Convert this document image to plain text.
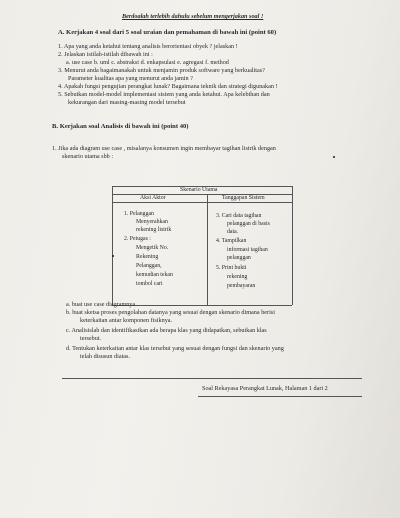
Berdoalah terlebih dahulu sebelum mengerjakan soal !
A. Kerjakan 4 soal dari 5 soal uraian dan pemahaman di bawah ini (point 60)
1. Apa yang anda ketahui tentang analisis berorientasi obyek ? jelaskan !
2. Jelaskan istilah-istilah dibawah ini :
a. use case b. uml c. abstraksi d. enkapsulasi e. agregasi f. method
3. Menurut anda bagaimanakah untuk menjamin produk software yang berkualitas?
Parameter kualitas apa yang menurut anda jamin ?
4. Apakah fungsi pengujian perangkat lunak? Bagaimana teknik dan strategi digunakan !
5. Sebutkan model-model implementasi sistem yang anda ketahui. Apa kelebihan dan
kekurangan dari masing-masing model tersebut
B. Kerjakan soal Analisis di bawah ini (point 40)
1. Jika ada diagram use case , misalanya konsumen ingin membayar tagihan listrik dengan
skenario utama sbb :
Skenario Utama
Aksi Aktor	Tanggapan Sistem
1. Pelanggan
Menyerahkan
rekening listrik
2. Petugas :
Mengetik No.
Rekening
Pelanggan,
kemudian tekan
tombol cari
3. Cari data tagihan
pelanggan di basis
data.
4. Tampilkan
informasi tagihan
pelanggan
5. Print bukti
rekening
pembayaran
a. buat use case diagramnya
b. buat sketsa proses pengolahan datanya yang sesuai dengan skenario dimana berisi
keterkaitan antar komponen fisiknya.
c. Analisislah dan identifikasikan ada berapa klas yang didapatkan, sebutkan klas
tersebut.
d. Tentukan keterkaitan antar klas tersebut yang sesuai dengan fungsi dan skenario yang
telah disusun diatas.
Soal Rekayasa Perangkat Lunak, Halaman 1 dari 2
